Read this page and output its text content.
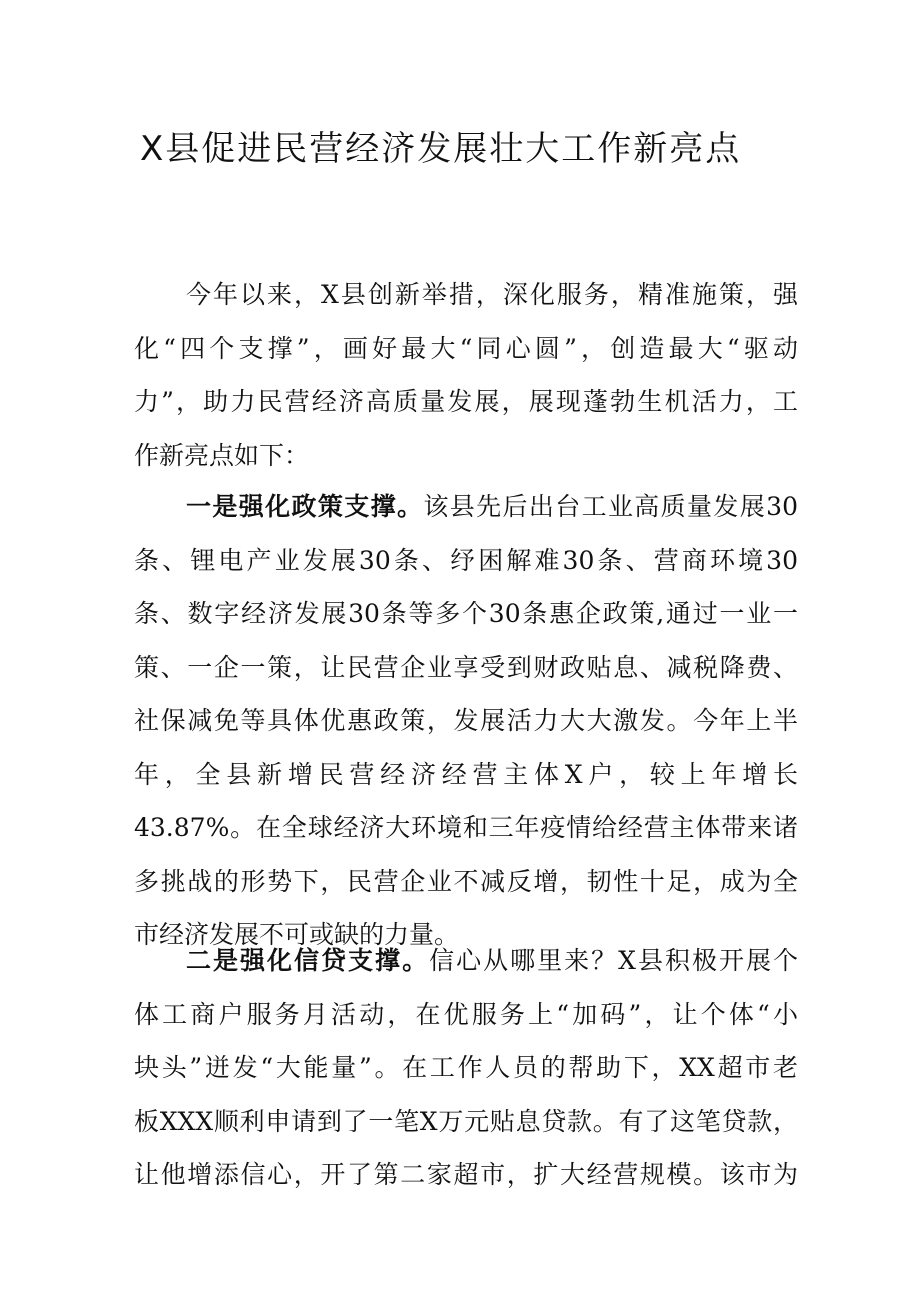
X县促进民营经济发展壮大工作新亮点

今年以来，X县创新举措，深化服务，精准施策，强
化“四个支撑”，画好最大“同心圆”，创造最大“驱动
力”，助力民营经济高质量发展，展现蓬勃生机活力，工
作新亮点如下：

一是强化政策支撑。该县先后出台工业高质量发展30
条、锂电产业发展30条、纾困解难30条、营商环境30
条、数字经济发展30条等多个30条惠企政策,通过一业一
策、一企一策，让民营企业享受到财政贴息、减税降费、
社保减免等具体优惠政策，发展活力大大激发。今年上半
年，全县新增民营经济经营主体X户，较上年增长
43.87%。在全球经济大环境和三年疫情给经营主体带来诸
多挑战的形势下，民营企业不减反增，韧性十足，成为全
市经济发展不可或缺的力量。

二是强化信贷支撑。信心从哪里来？X县积极开展个
体工商户服务月活动，在优服务上“加码”，让个体“小
块头”迸发“大能量”。在工作人员的帮助下，XX超市老
板XXX顺利申请到了一笔X万元贴息贷款。有了这笔贷款，
让他增添信心，开了第二家超市，扩大经营规模。该市为
